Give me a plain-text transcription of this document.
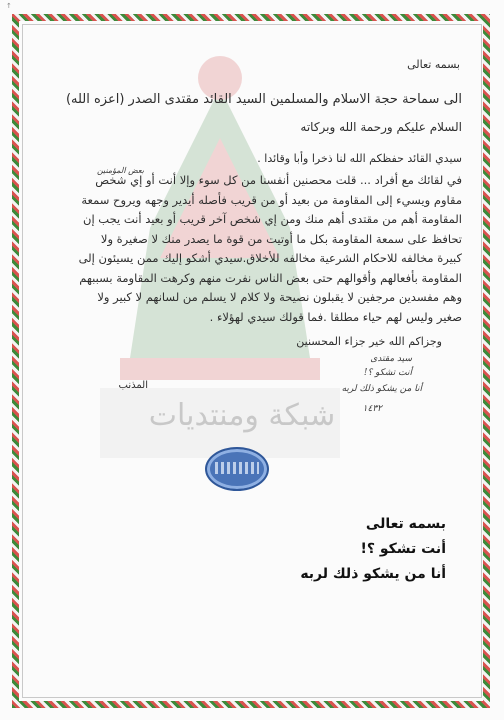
↑
شبكة ومنتديات
بسمه تعالى
الى سماحة حجة الاسلام والمسلمين السيد القائد مقتدى الصدر (اعزه الله)
السلام عليكم ورحمة الله وبركاته
سيدي القائد حفظكم الله لنا ذخرا وأبا وقائدا .
بعض المؤمنين
في لقائك مع أفراد ... قلت محصنين أنفسنا من كل سوء وإلا أنت أو إي شخص
مقاوم ويسيء إلى المقاومة من بعيد أو من قريب فأصله أيدير وجهه ويروح سمعة
المقاومة أهم من مقتدى أهم منك ومن إي شخص آخر قريب أو بعيد أنت يجب إن
تحافظ على سمعة المقاومة بكل ما أوتيت من قوة ما يصدر منك لا صغيرة ولا
كبيرة مخالفه للاحكام الشرعية مخالفه للأخلاق.سيدي أشكو إليك ممن يسيئون إلى
المقاومة بأفعالهم وأقوالهم حتى بعض الناس نفرت منهم وكرهت المقاومة بسببهم
وهم مفسدين مرجفين لا يقبلون نصيحة ولا كلام لا يسلم من لسانهم لا كبير ولا
صغير وليس لهم حياء مطلقا .فما قولك سيدي لهؤلاء .
وجزاكم الله خير جزاء المحسنين
سيد مقتدى
أنت تشكو ؟!
أنا من يشكو ذلك لربه
١٤٣٢
المذنب
بسمه تعالى
أنت تشكو ؟!
أنا من يشكو ذلك لربه
